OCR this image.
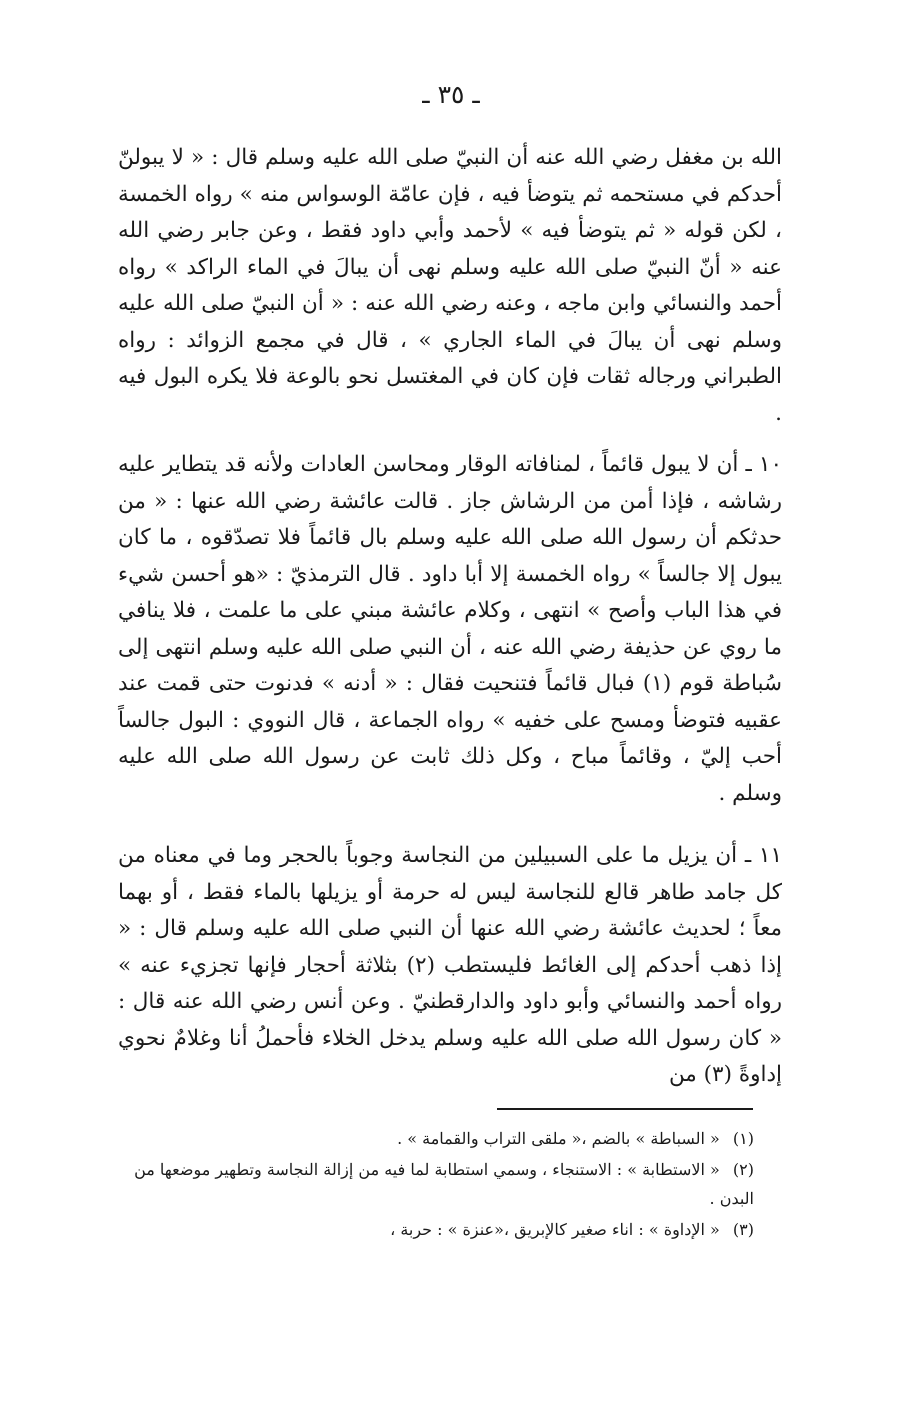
ـ ٣٥ ـ

الله بن مغفل رضي الله عنه أن النبيّ صلى الله عليه وسلم قال : « لا يبولنّ أحدكم في مستحمه ثم يتوضأ فيه ، فإن عامّة الوسواس منه » رواه الخمسة ، لكن قوله « ثم يتوضأ فيه » لأحمد وأبي داود فقط ، وعن جابر رضي الله عنه « أنّ النبيّ صلى الله عليه وسلم نهى أن يبالَ في الماء الراكد » رواه أحمد والنسائي وابن ماجه ، وعنه رضي الله عنه : « أن النبيّ صلى الله عليه وسلم نهى أن يبالَ في الماء الجاري » ، قال في مجمع الزوائد : رواه الطبراني ورجاله ثقات فإن كان في المغتسل نحو بالوعة فلا يكره البول فيه .

١٠ ـ أن لا يبول قائماً ، لمنافاته الوقار ومحاسن العادات ولأنه قد يتطاير عليه رشاشه ، فإذا أمن من الرشاش جاز . قالت عائشة رضي الله عنها : « من حدثكم أن رسول الله صلى الله عليه وسلم بال قائماً فلا تصدّقوه ، ما كان يبول إلا جالساً » رواه الخمسة إلا أبا داود . قال الترمذيّ : «هو أحسن شيء في هذا الباب وأصح » انتهى ، وكلام عائشة مبني على ما علمت ، فلا ينافي ما روي عن حذيفة رضي الله عنه ، أن النبي صلى الله عليه وسلم انتهى إلى سُباطة قوم (١) فبال قائماً فتنحيت فقال : « أدنه » فدنوت حتى قمت عند عقبيه فتوضأ ومسح على خفيه » رواه الجماعة ، قال النووي : البول جالساً أحب إليّ ، وقائماً مباح ، وكل ذلك ثابت عن رسول الله صلى الله عليه وسلم .

١١ ـ أن يزيل ما على السبيلين من النجاسة وجوباً بالحجر وما في معناه من كل جامد طاهر قالع للنجاسة ليس له حرمة أو يزيلها بالماء فقط ، أو بهما معاً ؛ لحديث عائشة رضي الله عنها أن النبي صلى الله عليه وسلم قال : « إذا ذهب أحدكم إلى الغائط فليستطب (٢) بثلاثة أحجار فإنها تجزيء عنه » رواه أحمد والنسائي وأبو داود والدارقطنيّ . وعن أنس رضي الله عنه قال : « كان رسول الله صلى الله عليه وسلم يدخل الخلاء فأحملُ أنا وغلامٌ نحوي إداوةً (٣) من

(١) « السباطة » بالضم ،« ملقى التراب والقمامة » .

(٢) « الاستطابة » : الاستنجاء ، وسمي استطابة لما فيه من إزالة النجاسة وتطهير موضعها من البدن .

(٣) « الإداوة » : اناء صغير كالإبريق ،«عنزة » : حربة ،
